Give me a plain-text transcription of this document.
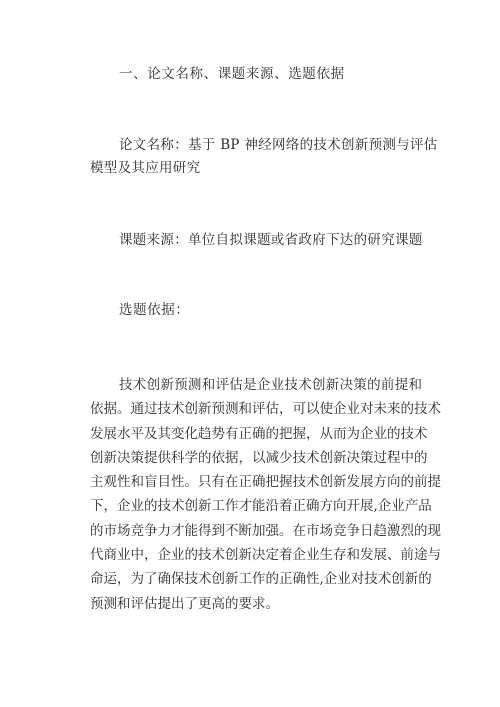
一、论文名称、课题来源、选题依据
论文名称：基于 BP 神经网络的技术创新预测与评估
模型及其应用研究
课题来源：单位自拟课题或省政府下达的研究课题
选题依据：
技术创新预测和评估是企业技术创新决策的前提和
依据。通过技术创新预测和评估，可以使企业对未来的技术
发展水平及其变化趋势有正确的把握，从而为企业的技术
创新决策提供科学的依据，以减少技术创新决策过程中的
主观性和盲目性。只有在正确把握技术创新发展方向的前提
下，企业的技术创新工作才能沿着正确方向开展,企业产品
的市场竞争力才能得到不断加强。在市场竞争日趋激烈的现
代商业中，企业的技术创新决定着企业生存和发展、前途与
命运，为了确保技术创新工作的正确性,企业对技术创新的
预测和评估提出了更高的要求。
